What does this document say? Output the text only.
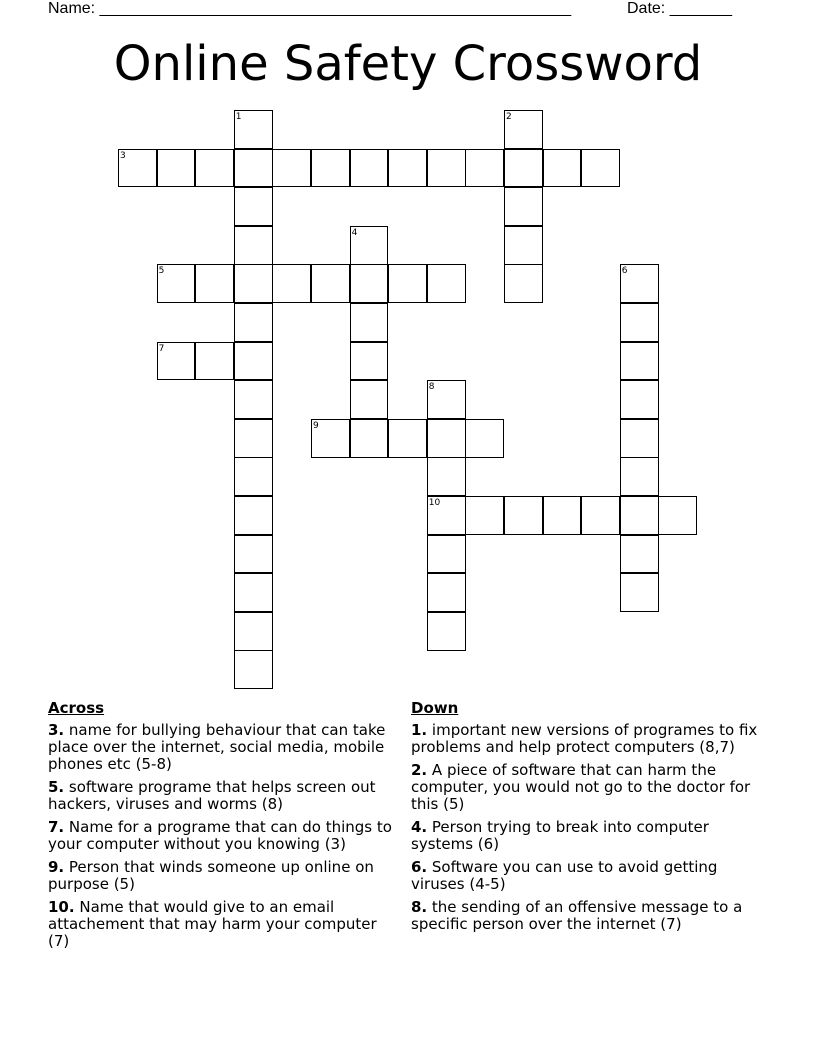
Name: _____________________________________________________	Date: _______
Online Safety Crossword
1	2
3
4
5	6
7
8
9
10
Across
3. name for bullying behaviour that can take place over the internet, social media, mobile phones etc (5-8)
5. software programe that helps screen out hackers, viruses and worms (8)
7. Name for a programe that can do things to your computer without you knowing (3)
9. Person that winds someone up online on purpose (5)
10. Name that would give to an email attachement that may harm your computer (7)
Down
1. important new versions of programes to fix problems and help protect computers (8,7)
2. A piece of software that can harm the computer, you would not go to the doctor for this (5)
4. Person trying to break into computer systems (6)
6. Software you can use to avoid getting viruses (4-5)
8. the sending of an offensive message to a specific person over the internet (7)
